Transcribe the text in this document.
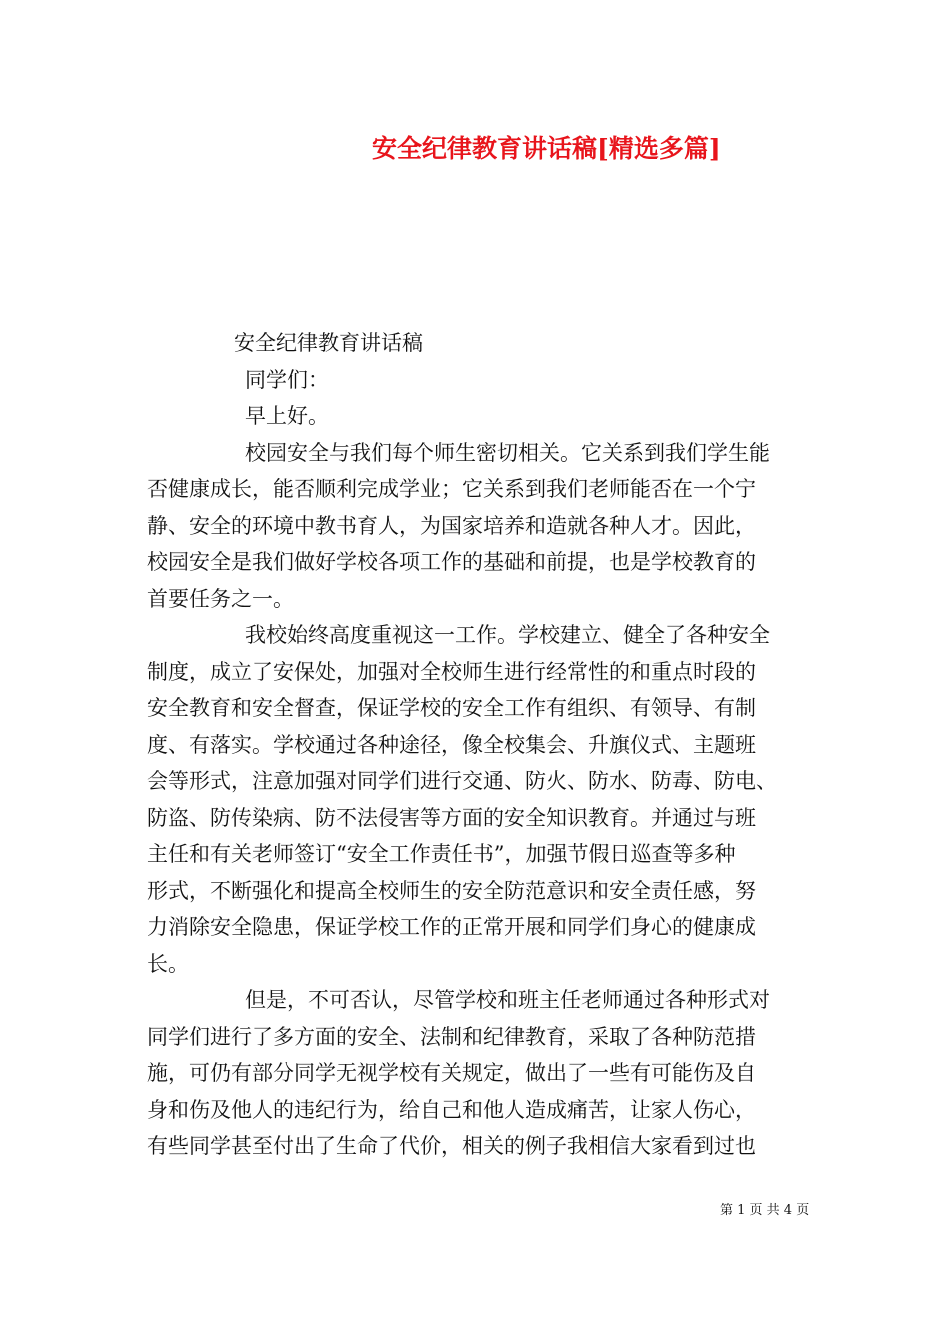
安全纪律教育讲话稿[精选多篇]
安全纪律教育讲话稿
同学们：
早上好。
校园安全与我们每个师生密切相关。它关系到我们学生能
否健康成长，能否顺利完成学业；它关系到我们老师能否在一个宁
静、安全的环境中教书育人，为国家培养和造就各种人才。因此，
校园安全是我们做好学校各项工作的基础和前提，也是学校教育的
首要任务之一。
我校始终高度重视这一工作。学校建立、健全了各种安全
制度，成立了安保处，加强对全校师生进行经常性的和重点时段的
安全教育和安全督查，保证学校的安全工作有组织、有领导、有制
度、有落实。学校通过各种途径，像全校集会、升旗仪式、主题班
会等形式，注意加强对同学们进行交通、防火、防水、防毒、防电、
防盗、防传染病、防不法侵害等方面的安全知识教育。并通过与班
主任和有关老师签订“安全工作责任书”，加强节假日巡查等多种
形式，不断强化和提高全校师生的安全防范意识和安全责任感，努
力消除安全隐患，保证学校工作的正常开展和同学们身心的健康成
长。
但是，不可否认，尽管学校和班主任老师通过各种形式对
同学们进行了多方面的安全、法制和纪律教育，采取了各种防范措
施，可仍有部分同学无视学校有关规定，做出了一些有可能伤及自
身和伤及他人的违纪行为，给自己和他人造成痛苦，让家人伤心，
有些同学甚至付出了生命了代价，相关的例子我相信大家看到过也
第 1 页 共 4 页
